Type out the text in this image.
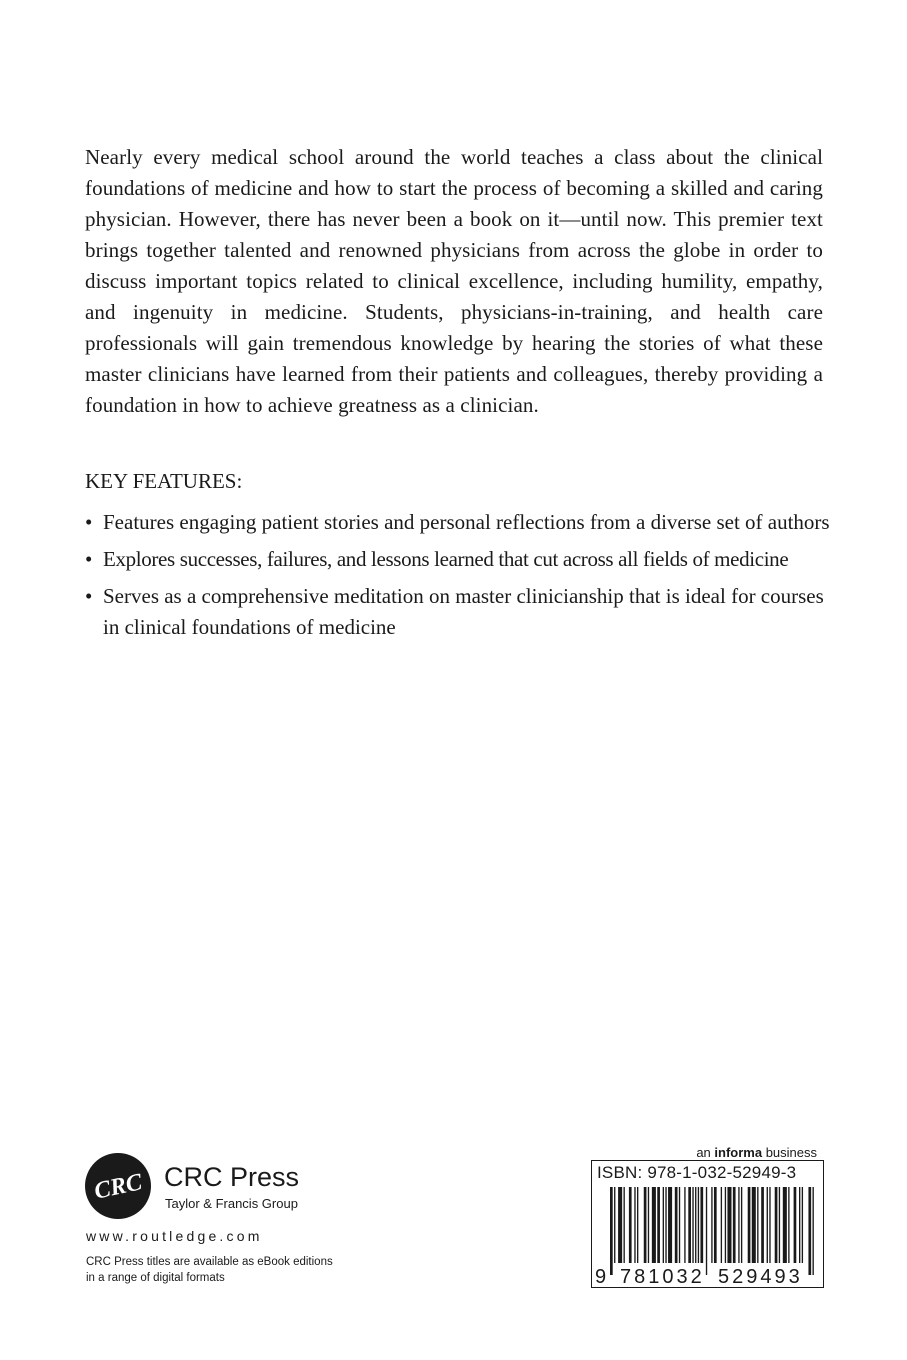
Nearly every medical school around the world teaches a class about the clinical foundations of medicine and how to start the process of becoming a skilled and caring physician. However, there has never been a book on it—until now. This premier text brings together talented and renowned physicians from across the globe in order to discuss important topics related to clinical excellence, including humility, empathy, and ingenuity in medicine. Students, physicians-in-training, and health care professionals will gain tremendous knowledge by hearing the stories of what these master clinicians have learned from their patients and colleagues, thereby providing a foundation in how to achieve greatness as a clinician.

KEY FEATURES:
• Features engaging patient stories and personal reflections from a diverse set of authors
• Explores successes, failures, and lessons learned that cut across all fields of medicine
• Serves as a comprehensive meditation on master clinicianship that is ideal for courses in clinical foundations of medicine
CRC CRC Press
Taylor & Francis Group
www.routledge.com
CRC Press titles are available as eBook editions
in a range of digital formats
an informa business
ISBN: 978-1-032-52949-3
9 781032 529493
